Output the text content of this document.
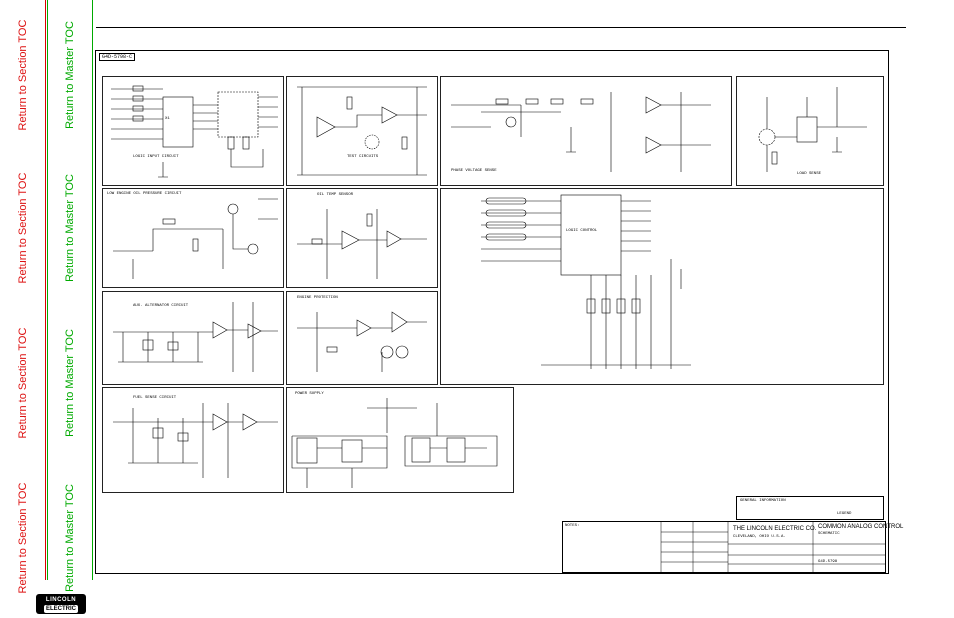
Return to Section TOC
Return to Section TOC
Return to Section TOC
Return to Section TOC
Return to Master TOC
Return to Master TOC
Return to Master TOC
Return to Master TOC
G4D-5798-C
X1
LOGIC INPUT CIRCUIT	TEST CIRCUITS
PHASE VOLTAGE SENSE
LOAD SENSE
LOW ENGINE OIL PRESSURE CIRCUIT	OIL TEMP SENSOR
LOGIC CONTROL
AUX. ALTERNATOR CIRCUIT
ENGINE PROTECTION
FUEL SENSE CIRCUIT
POWER SUPPLY
NOTES:	THE LINCOLN ELECTRIC CO.
CLEVELAND, OHIO U.S.A.
COMMON ANALOG CONTROL
SCHEMATIC
G4D-5798
GENERAL INFORMATION
LEGEND
LINCOLN
ELECTRIC
